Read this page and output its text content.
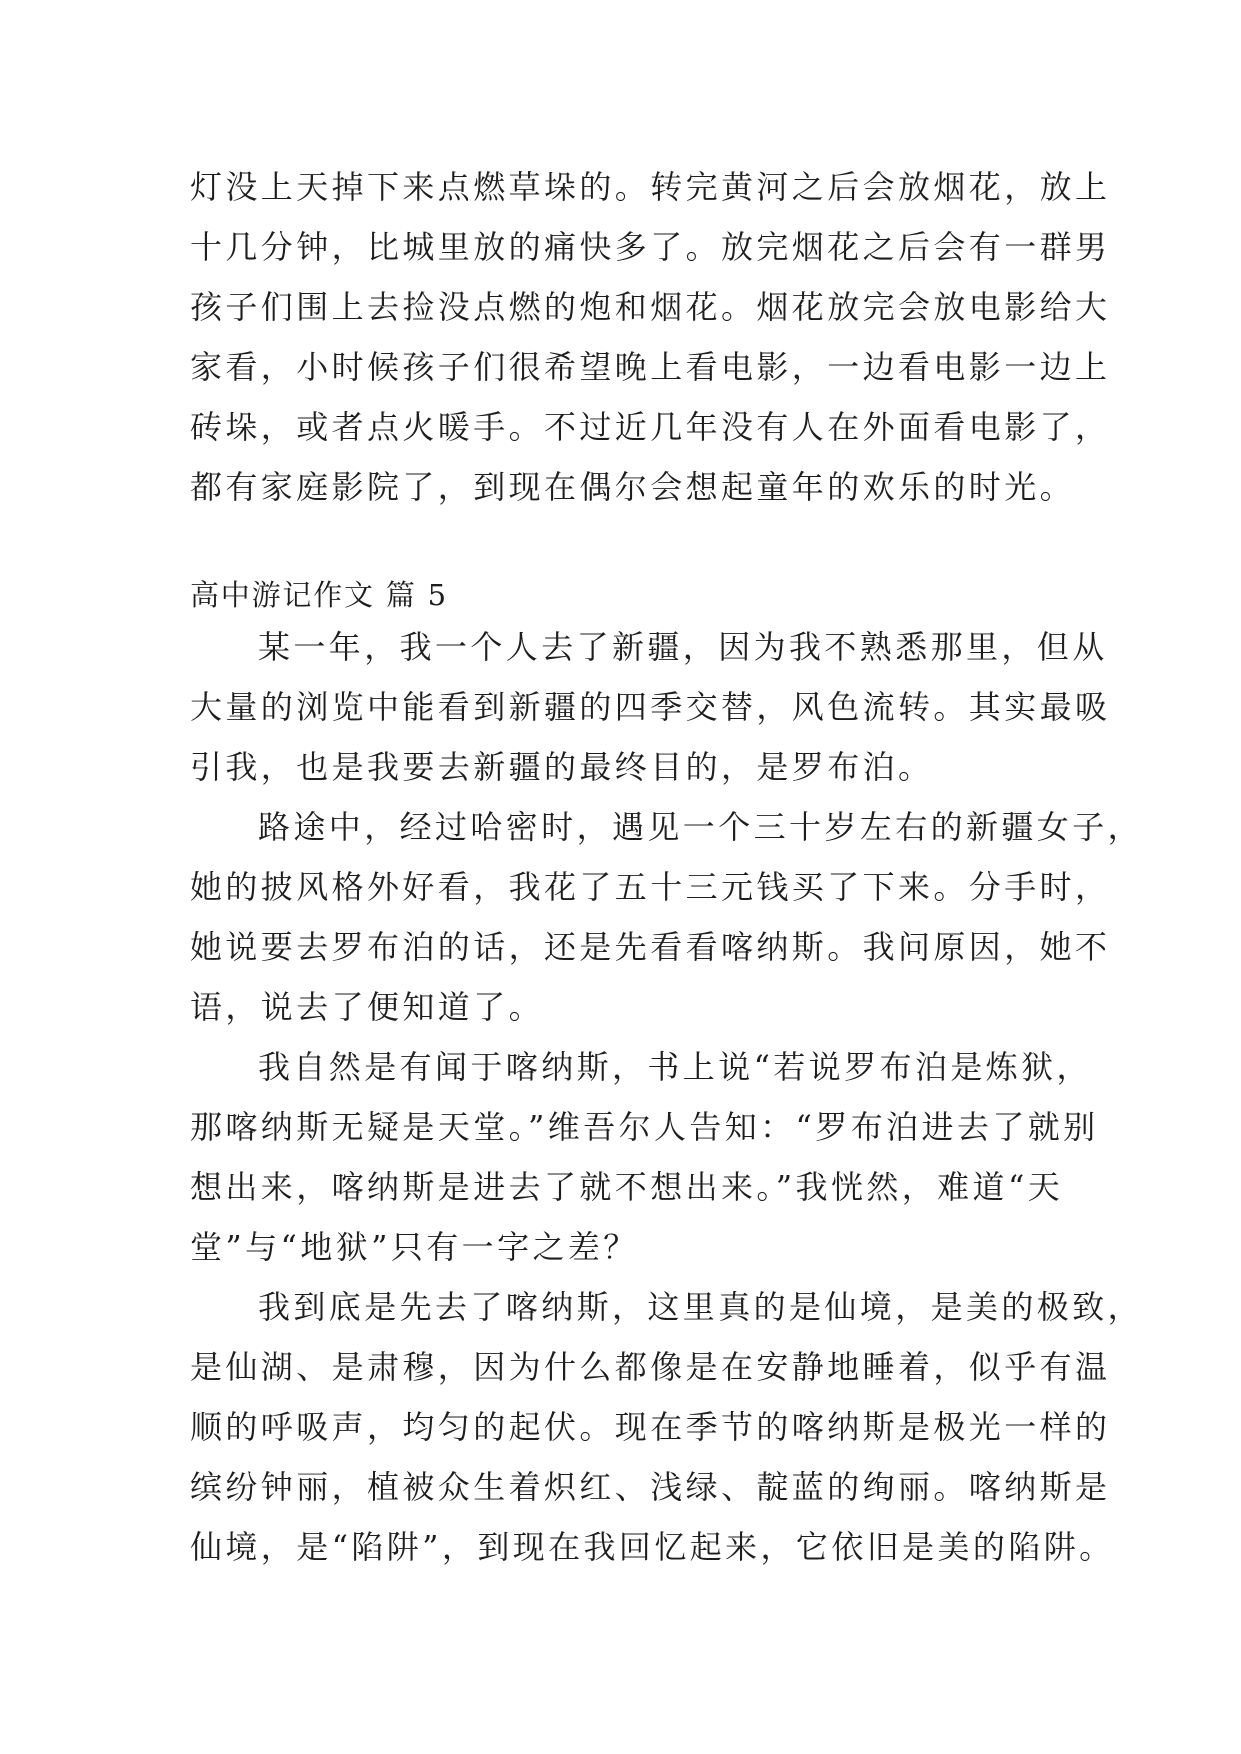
灯没上天掉下来点燃草垛的。转完黄河之后会放烟花，放上
十几分钟，比城里放的痛快多了。放完烟花之后会有一群男
孩子们围上去捡没点燃的炮和烟花。烟花放完会放电影给大
家看，小时候孩子们很希望晚上看电影，一边看电影一边上
砖垛，或者点火暖手。不过近几年没有人在外面看电影了，
都有家庭影院了，到现在偶尔会想起童年的欢乐的时光。
高中游记作文 篇 5
某一年，我一个人去了新疆，因为我不熟悉那里，但从
大量的浏览中能看到新疆的四季交替，风色流转。其实最吸
引我，也是我要去新疆的最终目的，是罗布泊。
路途中，经过哈密时，遇见一个三十岁左右的新疆女子，
她的披风格外好看，我花了五十三元钱买了下来。分手时，
她说要去罗布泊的话，还是先看看喀纳斯。我问原因，她不
语，说去了便知道了。
我自然是有闻于喀纳斯，书上说“若说罗布泊是炼狱，
那喀纳斯无疑是天堂。”维吾尔人告知：“罗布泊进去了就别
想出来，喀纳斯是进去了就不想出来。”我恍然，难道“天
堂”与“地狱”只有一字之差？
我到底是先去了喀纳斯，这里真的是仙境，是美的极致，
是仙湖、是肃穆，因为什么都像是在安静地睡着，似乎有温
顺的呼吸声，均匀的起伏。现在季节的喀纳斯是极光一样的
缤纷钟丽，植被众生着炽红、浅绿、靛蓝的绚丽。喀纳斯是
仙境，是“陷阱”，到现在我回忆起来，它依旧是美的陷阱。
